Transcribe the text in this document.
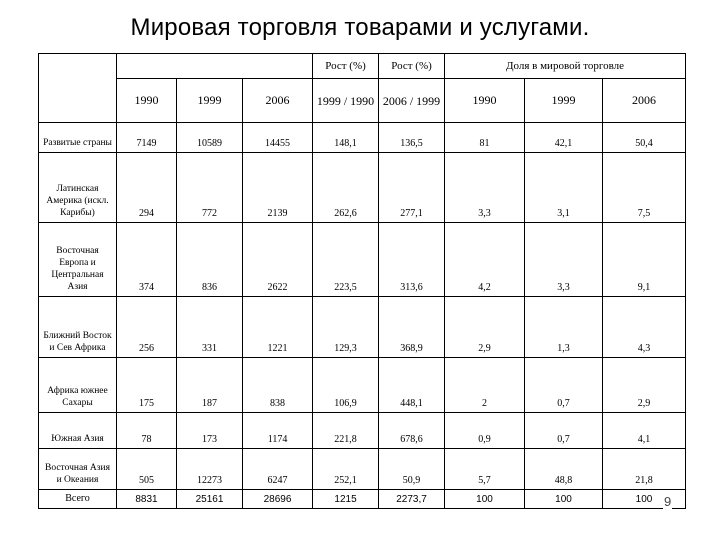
Мировая торговля товарами и услугами.
				Рост (%)	Рост (%)	Доля в мировой торговле		
	1990	1999	2006	1999 / 1990	2006 / 1999	1990	1999	2006
Развитые страны	7149	10589	14455	148,1	136,5	81	42,1	50,4
Латинская Америка (искл. Карибы)	294	772	2139	262,6	277,1	3,3	3,1	7,5
Восточная Европа и Центральная Азия	374	836	2622	223,5	313,6	4,2	3,3	9,1
Ближний Восток и Сев Африка	256	331	1221	129,3	368,9	2,9	1,3	4,3
Африка южнее Сахары	175	187	838	106,9	448,1	2	0,7	2,9
Южная Азия	78	173	1174	221,8	678,6	0,9	0,7	4,1
Восточная Азия и Океания	505	12273	6247	252,1	50,9	5,7	48,8	21,8
Всего	8831	25161	28696	1215	2273,7	100	100	100 9
